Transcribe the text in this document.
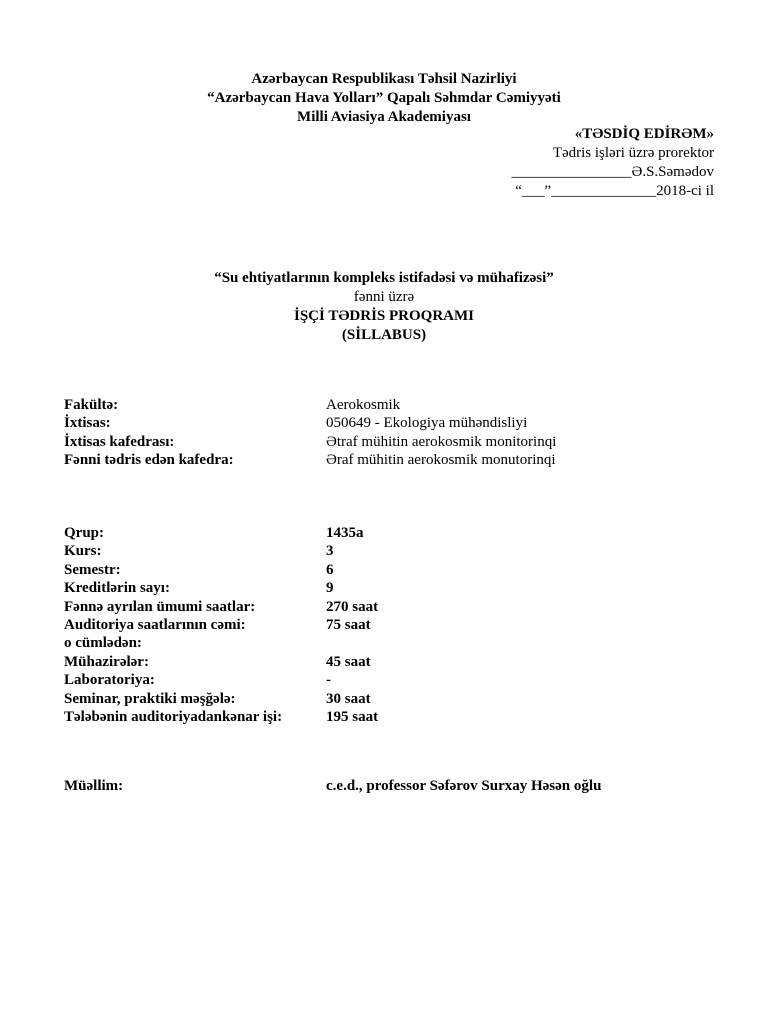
Azərbaycan Respublikası Təhsil Nazirliyi
“Azərbaycan Hava Yolları” Qapalı Səhmdar Cəmiyyəti
Milli Aviasiya Akademiyası
«TƏSDİQ EDİRƏM»
Tədris işləri üzrə prorektor
________________Ə.S.Səmədov
“___”______________2018-ci il
“Su ehtiyatlarının kompleks istifadəsi və mühafizəsi”
fənni üzrə
İŞÇİ TƏDRİS PROQRAMI
(SİLLABUS)
Fakültə:	Aerokosmik
İxtisas:	050649 - Ekologiya mühəndisliyi
İxtisas kafedrası:	Ətraf mühitin aerokosmik monitorinqi
Fənni tədris edən kafedra:	Əraf mühitin aerokosmik monutorinqi
Qrup:	1435a
Kurs:	3
Semestr:	6
Kreditlərin sayı:	9
Fənnə ayrılan ümumi saatlar:	270 saat
Auditoriya saatlarının cəmi:	75 saat
o cümlədən:
Mühazirələr:	45 saat
Laboratoriya:	-
Seminar, praktiki məşğələ:	30 saat
Tələbənin auditoriyadankənar işi:	195 saat
Müəllim:	c.e.d., professor Səfərov Surxay Həsən oğlu
